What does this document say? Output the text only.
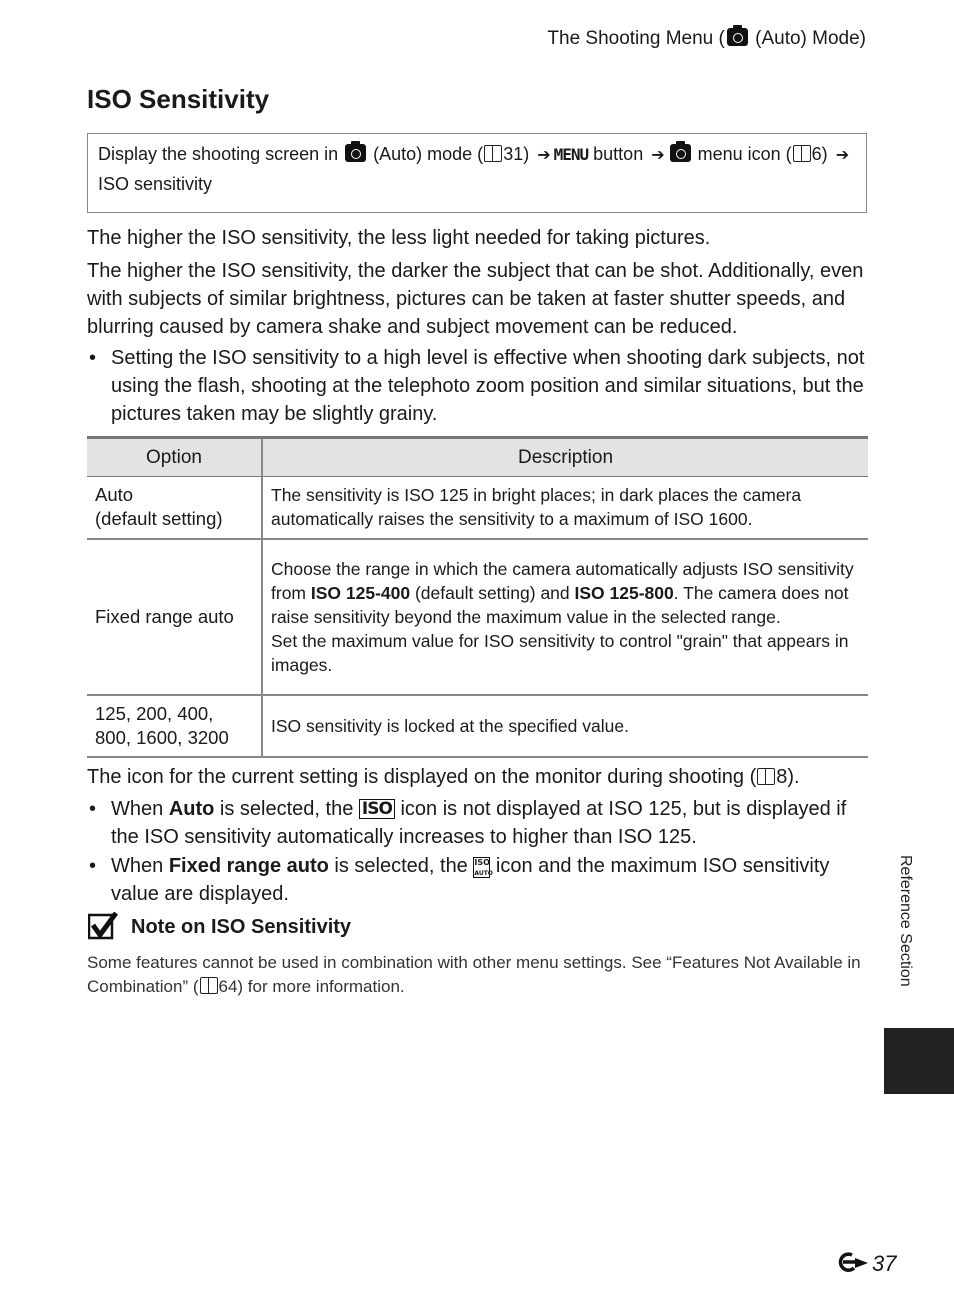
The Shooting Menu ( (Auto) Mode)
ISO Sensitivity
Display the shooting screen in  (Auto) mode ( 31) ➔ MENU button ➔ menu icon ( 6) ➔ ISO sensitivity

The higher the ISO sensitivity, the less light needed for taking pictures.

The higher the ISO sensitivity, the darker the subject that can be shot. Additionally, even with subjects of similar brightness, pictures can be taken at faster shutter speeds, and blurring caused by camera shake and subject movement can be reduced.

• Setting the ISO sensitivity to a high level is effective when shooting dark subjects, not using the flash, shooting at the telephoto zoom position and similar situations, but the pictures taken may be slightly grainy.
Option	Description

Auto
(default setting)	The sensitivity is ISO 125 in bright places; in dark places the camera automatically raises the sensitivity to a maximum of ISO 1600.
Fixed range auto	Choose the range in which the camera automatically adjusts ISO sensitivity from ISO 125-400 (default setting) and ISO 125-800. The camera does not raise sensitivity beyond the maximum value in the selected range.
Set the maximum value for ISO sensitivity to control "grain" that appears in images.

125, 200, 400,
800, 1600, 3200	ISO sensitivity is locked at the specified value.

The icon for the current setting is displayed on the monitor during shooting ( 8).

• When Auto is selected, the ISO icon is not displayed at ISO 125, but is displayed if the ISO sensitivity automatically increases to higher than ISO 125.
• When Fixed range auto is selected, the ISO
AUTO icon and the maximum ISO sensitivity value are displayed.
Note on ISO Sensitivity
Some features cannot be used in combination with other menu settings. See “Features Not Available in Combination” ( 64) for more information.	Reference Section
37
